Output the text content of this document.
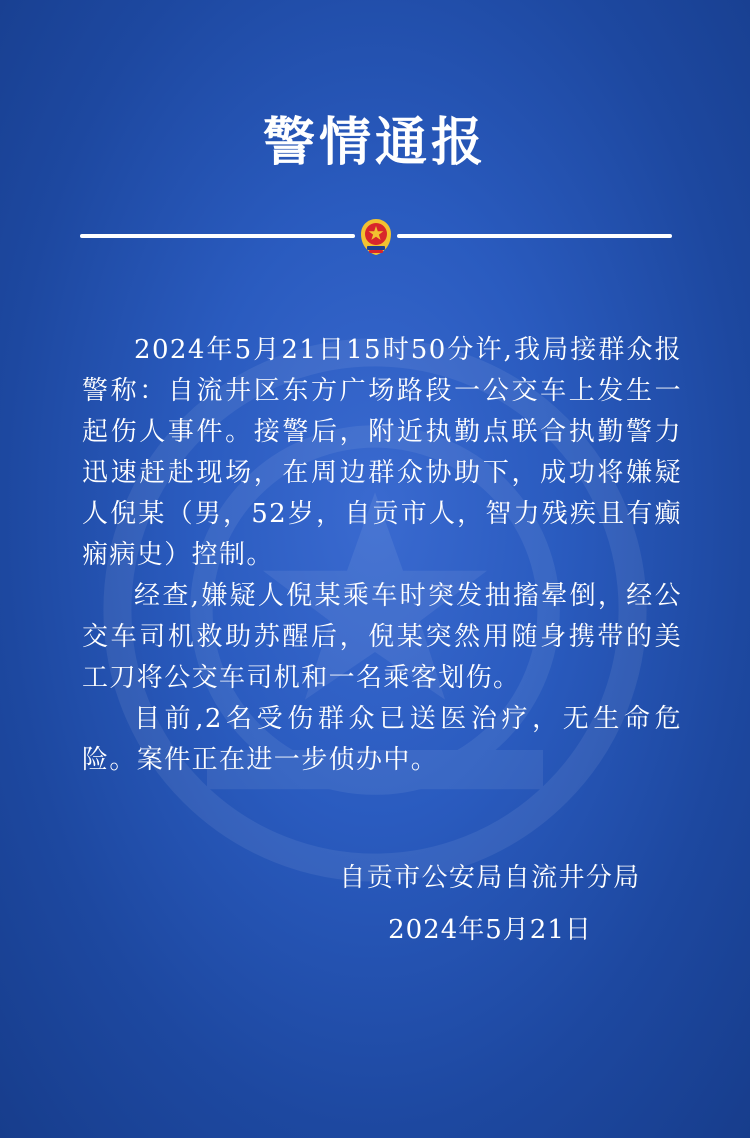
警情通报

2024年5月21日15时50分许,我局接群众报警称：自流井区东方广场路段一公交车上发生一起伤人事件。接警后，附近执勤点联合执勤警力迅速赶赴现场，在周边群众协助下，成功将嫌疑人倪某（男，52岁，自贡市人，智力残疾且有癫痫病史）控制。

经查,嫌疑人倪某乘车时突发抽搐晕倒，经公交车司机救助苏醒后，倪某突然用随身携带的美工刀将公交车司机和一名乘客划伤。

目前,2名受伤群众已送医治疗，无生命危险。案件正在进一步侦办中。

自贡市公安局自流井分局
2024年5月21日
